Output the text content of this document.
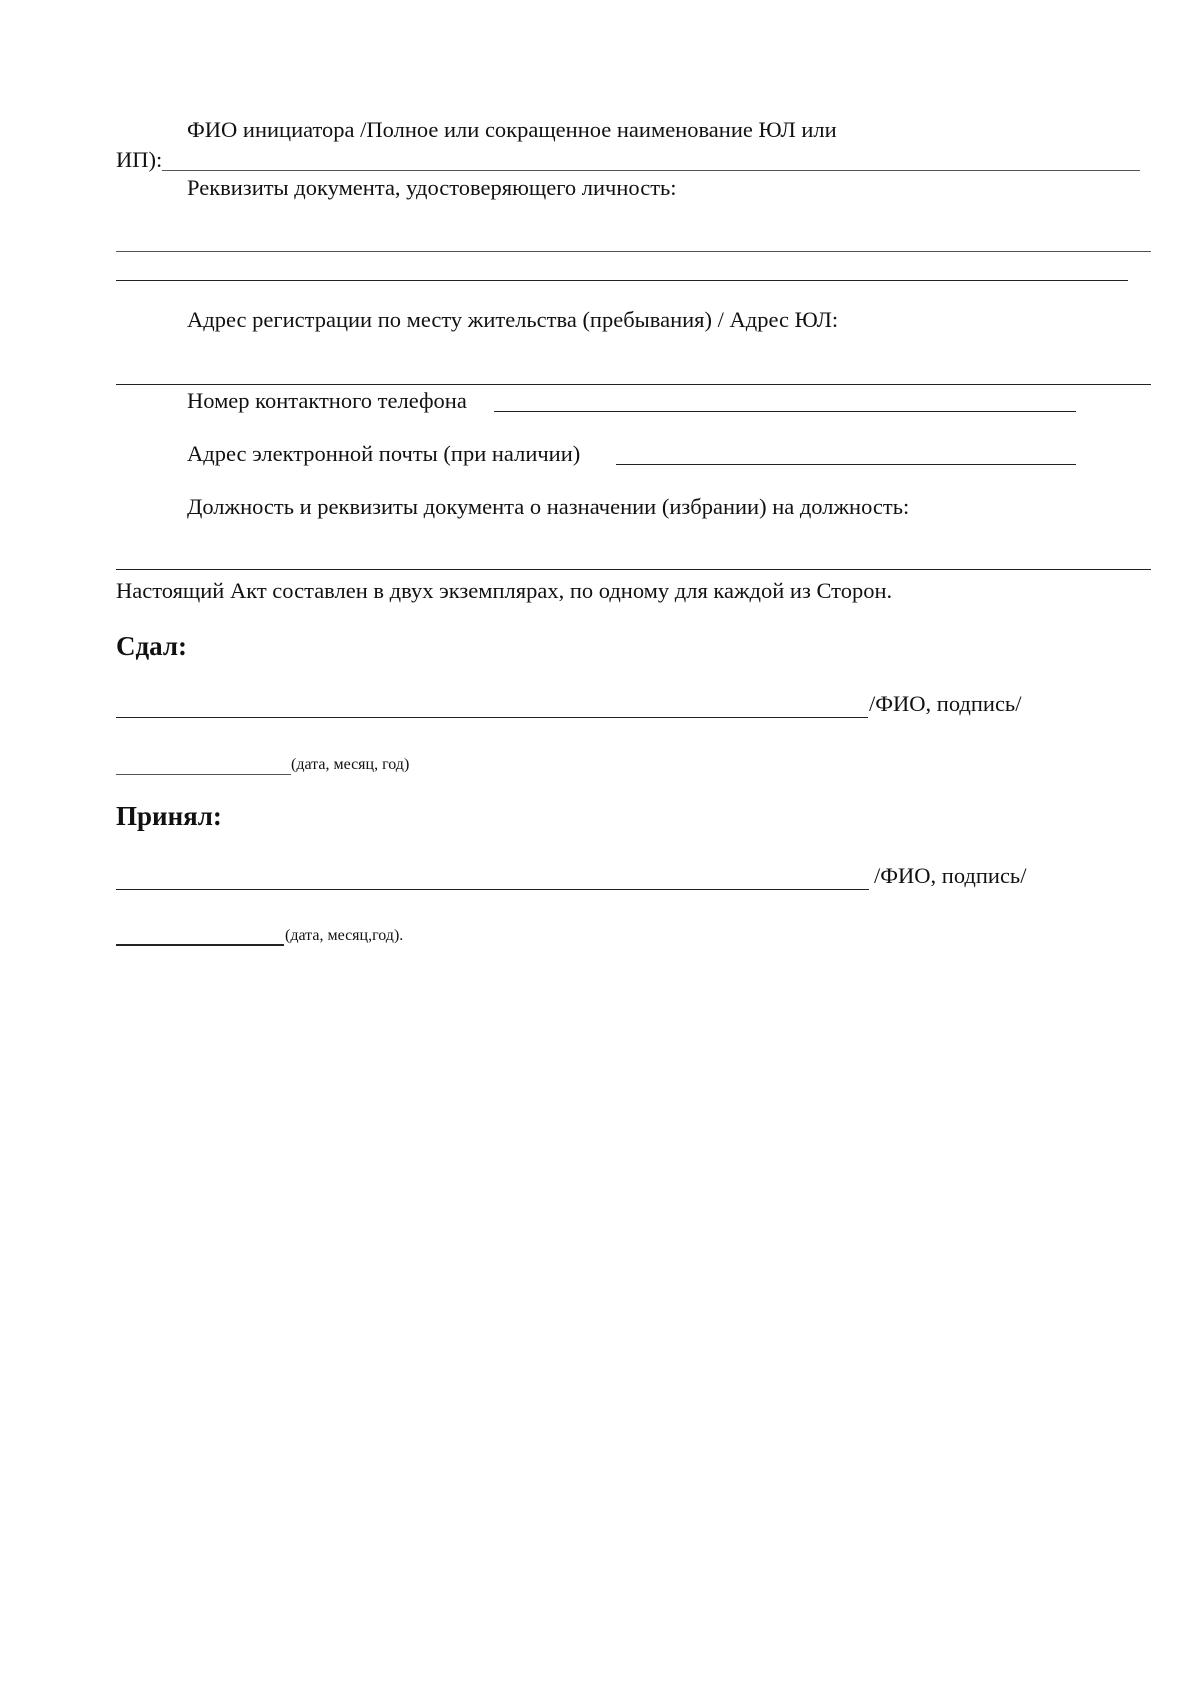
ФИО инициатора /Полное или сокращенное наименование ЮЛ или
ИП):
Реквизиты документа, удостоверяющего личность:
Адрес регистрации по месту жительства (пребывания) / Адрес ЮЛ:
Номер контактного телефона
Адрес электронной почты (при наличии)
Должность и реквизиты документа о назначении (избрании) на должность:
Настоящий Акт составлен в двух экземплярах, по одному для каждой из Сторон.
Сдал:
/ФИО, подпись/
(дата, месяц, год)
Принял:
/ФИО, подпись/
(дата, месяц,год).
